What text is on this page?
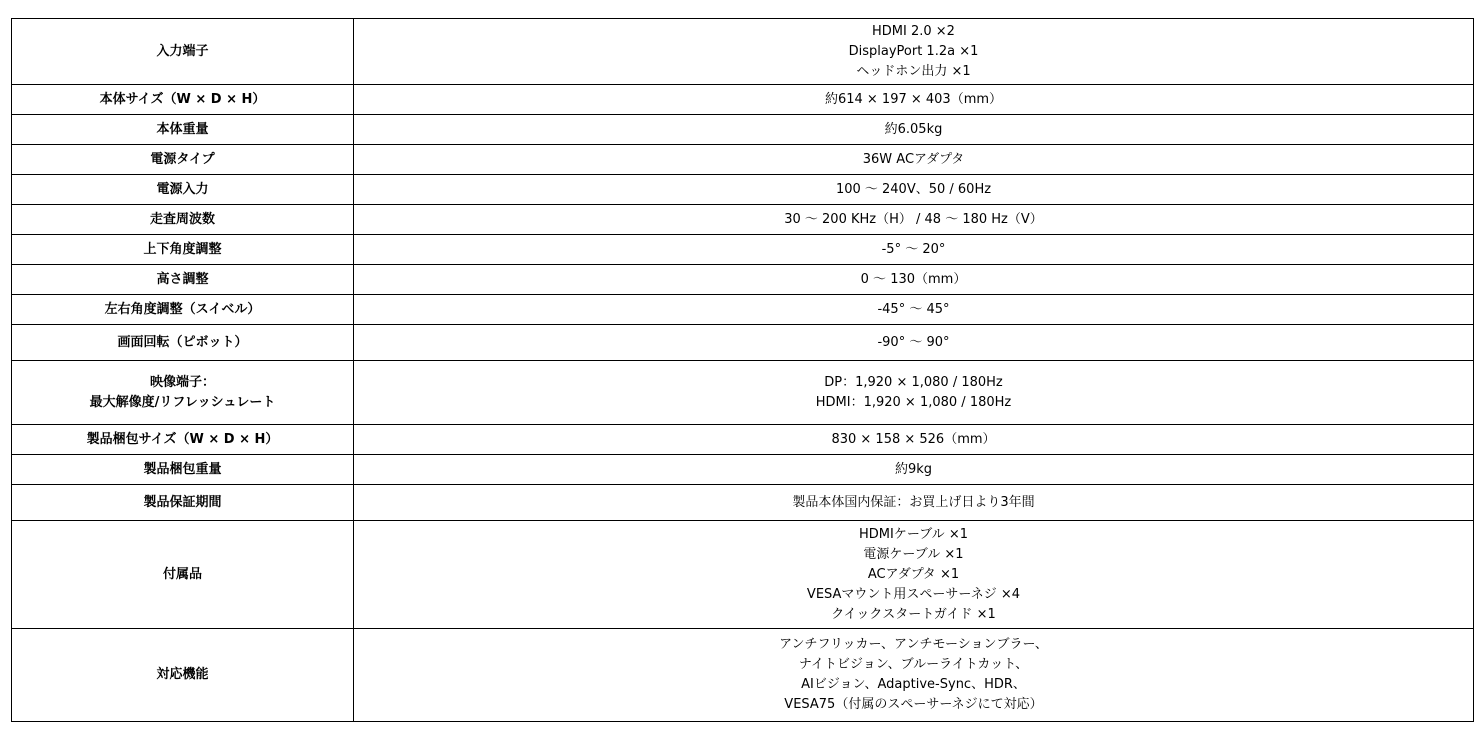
入力端子	HDMI 2.0 ×2
DisplayPort 1.2a ×1
ヘッドホン出力 ×1

本体サイズ（W × D × H）	約614 × 197 × 403（mm）

本体重量	約6.05kg

電源タイプ	36W ACアダプタ

電源入力	100 ～ 240V、50 / 60Hz

走査周波数	30 ～ 200 KHz（H） / 48 ～ 180 Hz（V）

上下角度調整	-5° ～ 20°

高さ調整	0 ～ 130（mm）

左右角度調整（スイベル）	-45° ～ 45°

画面回転（ピボット）	-90° ～ 90°

映像端子：
最大解像度/リフレッシュレート	DP：1,920 × 1,080 / 180Hz
HDMI：1,920 × 1,080 / 180Hz

製品梱包サイズ（W × D × H）	830 × 158 × 526（mm）

製品梱包重量	約9kg

製品保証期間	製品本体国内保証：お買上げ日より3年間

付属品	HDMIケーブル ×1
電源ケーブル ×1
ACアダプタ ×1
VESAマウント用スペーサーネジ ×4
クイックスタートガイド ×1

対応機能	アンチフリッカー、アンチモーションブラー、
ナイトビジョン、ブルーライトカット、
AIビジョン、Adaptive-Sync、HDR、
VESA75（付属のスペーサーネジにて対応）
